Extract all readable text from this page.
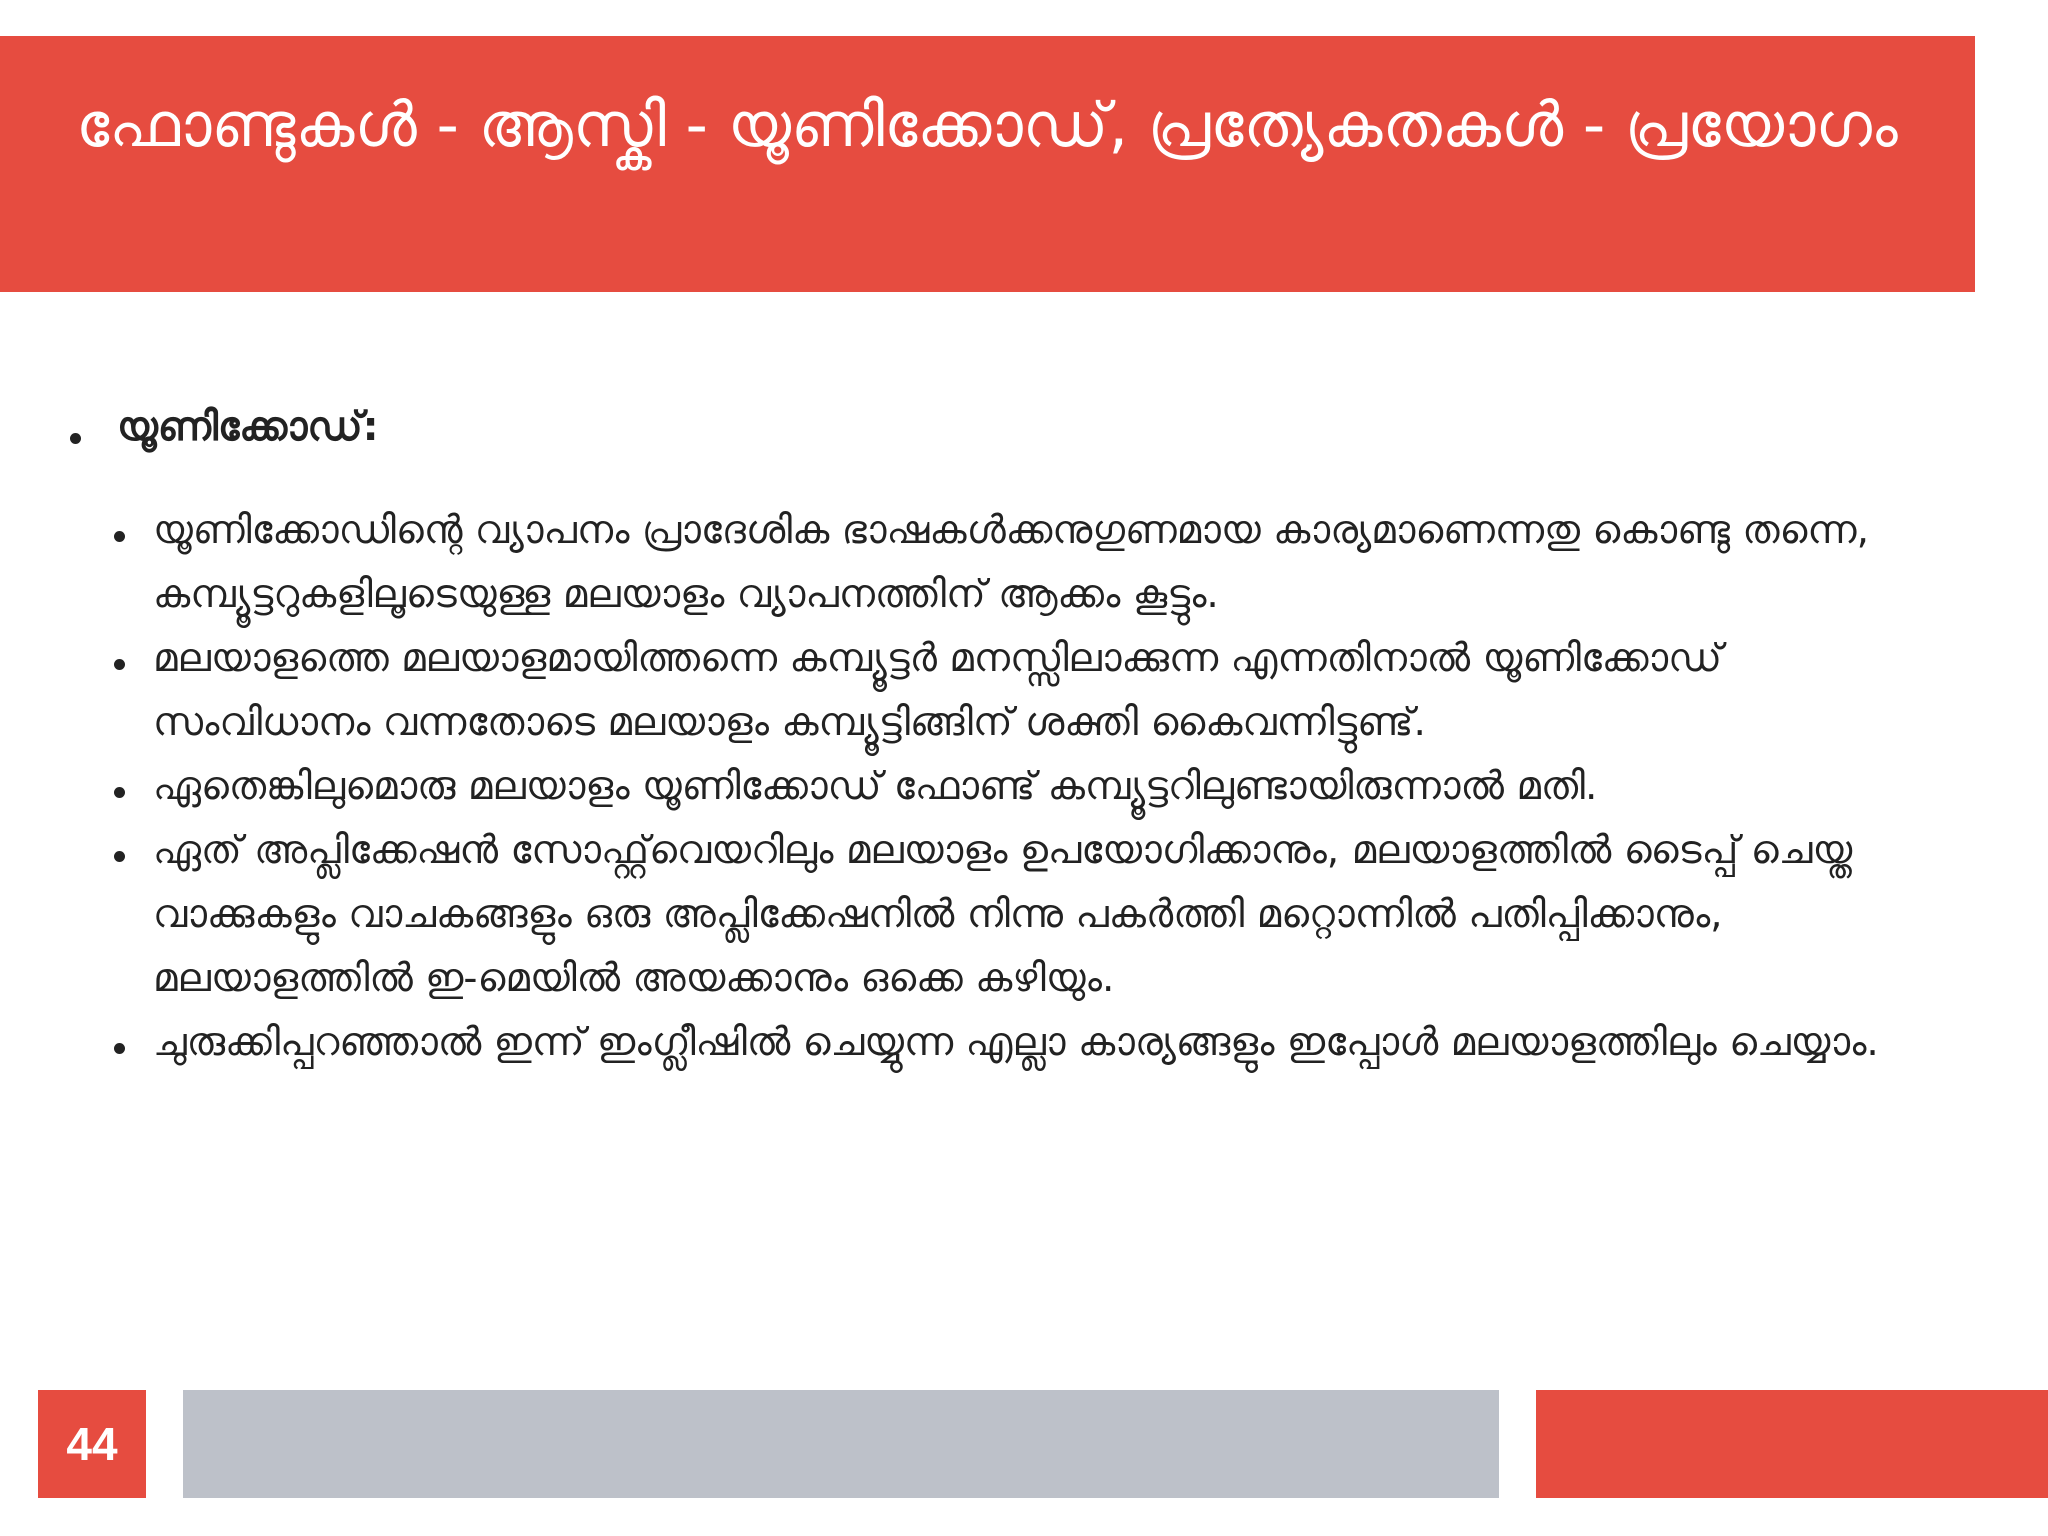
ഫോണ്ടുകൾ - ആസ്കി - യൂണിക്കോഡ്, പ്രത്യേകതകൾ - പ്രയോഗം
യൂണിക്കോഡ്:
യൂണിക്കോഡിന്റെ വ്യാപനം പ്രാദേശിക ഭാഷകൾക്കനുഗുണമായ കാര്യമാണെന്നതു കൊണ്ടു തന്നെ, കമ്പ്യൂട്ടറുകളിലൂടെയുള്ള മലയാളം വ്യാപനത്തിന് ആക്കം കൂട്ടും.
മലയാളത്തെ മലയാളമായിത്തന്നെ കമ്പ്യൂട്ടർ മനസ്സിലാക്കുന്ന എന്നതിനാൽ യൂണിക്കോഡ് സംവിധാനം വന്നതോടെ മലയാളം കമ്പ്യൂട്ടിങ്ങിന് ശക്തി കൈവന്നിട്ടുണ്ട്.
ഏതെങ്കിലുമൊരു മലയാളം യൂണിക്കോഡ് ഫോണ്ട് കമ്പ്യൂട്ടറിലുണ്ടായിരുന്നാൽ മതി.
ഏത് അപ്ലിക്കേഷൻ സോഫ്റ്റ്‌വെയറിലും മലയാളം ഉപയോഗിക്കാനും, മലയാളത്തിൽ ടൈപ്പ് ചെയ്ത വാക്കുകളും വാചകങ്ങളും ഒരു അപ്ലിക്കേഷനിൽ നിന്നു പകർത്തി മറ്റൊന്നിൽ പതിപ്പിക്കാനും, മലയാളത്തിൽ ഇ-മെയിൽ അയക്കാനും ഒക്കെ കഴിയും.
ചുരുക്കിപ്പറഞ്ഞാൽ ഇന്ന് ഇംഗ്ലീഷിൽ ചെയ്യുന്ന എല്ലാ കാര്യങ്ങളും ഇപ്പോൾ മലയാളത്തിലും ചെയ്യാം.
44
